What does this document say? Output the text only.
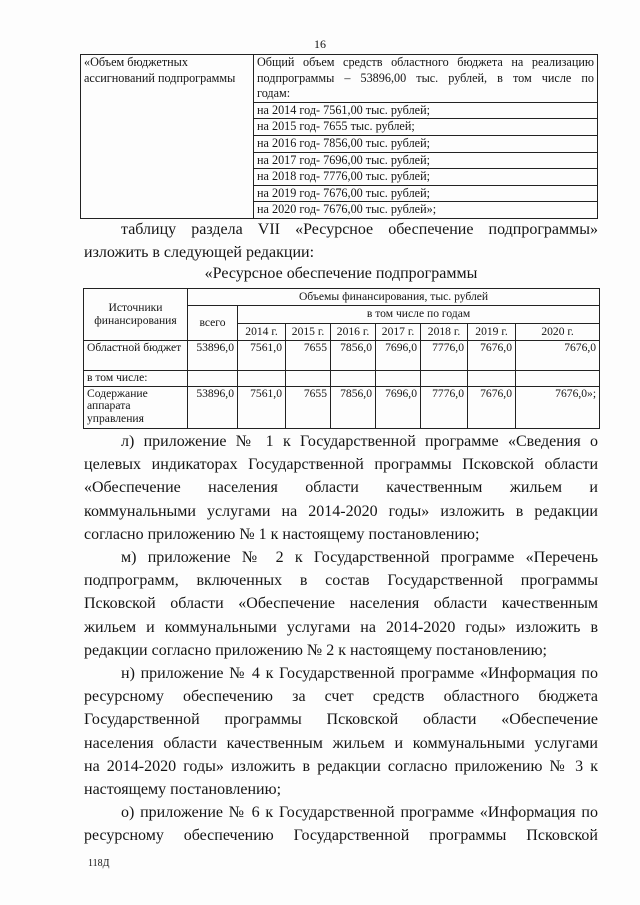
16
«Объем бюджетных ассигнований подпрограммы	
Общий объем средств областного бюджета на реализацию
подпрограммы – 53896,00 тыс. рублей, в том числе по
годам:
на 2014 год- 7561,00 тыс. рублей;
на 2015 год- 7655 тыс. рублей;
на 2016 год- 7856,00 тыс. рублей;
на 2017 год- 7696,00 тыс. рублей;
на 2018 год- 7776,00 тыс. рублей;
на 2019 год- 7676,00 тыс. рублей;
на 2020 год- 7676,00 тыс. рублей»;
таблицу раздела VII «Ресурсное обеспечение подпрограммы»
изложить в следующей редакции:
«Ресурсное обеспечение подпрограммы
Источники финансирования	Объемы финансирования, тыс. рублей							
	всего	в том числе по годам						
		2014 г.	2015 г.	2016 г.	2017 г.	2018 г.	2019 г.	2020 г.
Областной бюджет	53896,0	7561,0	7655	7856,0	7696,0	7776,0	7676,0	7676,0
в том числе:								
Содержание аппарата управления	53896,0	7561,0	7655	7856,0	7696,0	7776,0	7676,0	7676,0»;
л) приложение № 1 к Государственной программе «Сведения о
целевых индикаторах Государственной программы Псковской области
«Обеспечение населения области качественным жильем и
коммунальными услугами на 2014-2020 годы» изложить в редакции
согласно приложению № 1 к настоящему постановлению;
м) приложение № 2 к Государственной программе «Перечень
подпрограмм, включенных в состав Государственной программы
Псковской области «Обеспечение населения области качественным
жильем и коммунальными услугами на 2014-2020 годы» изложить в
редакции согласно приложению № 2 к настоящему постановлению;
н) приложение № 4 к Государственной программе «Информация по
ресурсному обеспечению за счет средств областного бюджета
Государственной программы Псковской области «Обеспечение
населения области качественным жильем и коммунальными услугами
на 2014-2020 годы» изложить в редакции согласно приложению № 3 к
настоящему постановлению;
о) приложение № 6 к Государственной программе «Информация по
ресурсному обеспечению Государственной программы Псковской
118Д
